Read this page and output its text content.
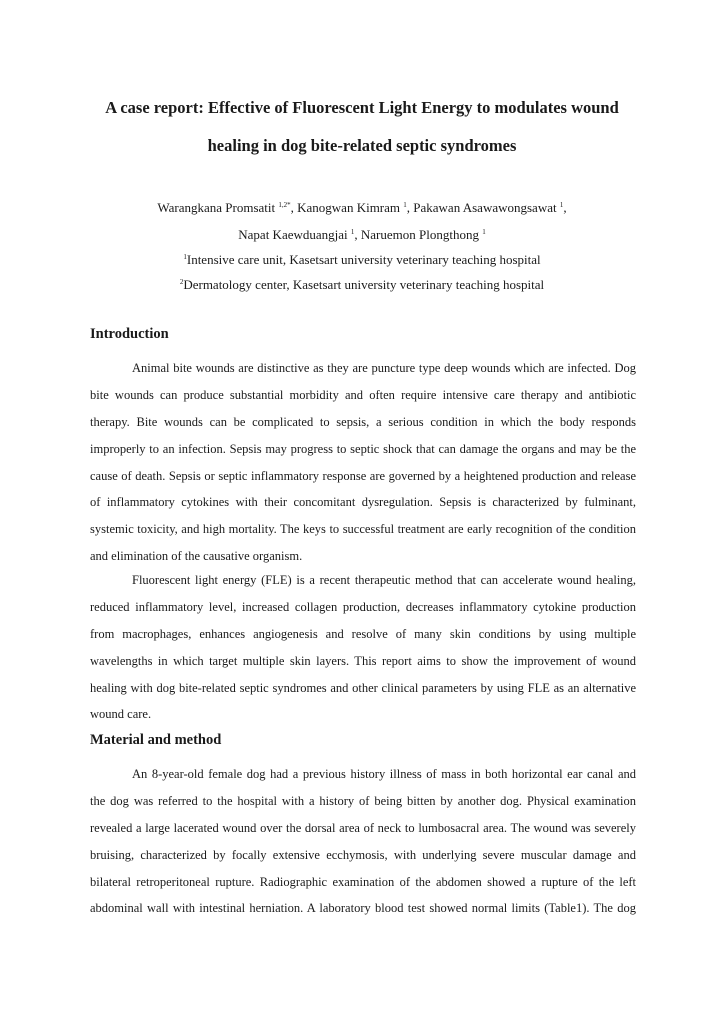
A case report: Effective of Fluorescent Light Energy to modulates wound
healing in dog bite-related septic syndromes
Warangkana Promsatit $^{1,2*}$, Kanogwan Kimram $^1$, Pakawan Asawawongsawat $^1$,
Napat Kaewduangjai $^1$, Naruemon Plongthong $^1$
$^1$Intensive care unit, Kasetsart university veterinary teaching hospital
$^2$Dermatology center, Kasetsart university veterinary teaching hospital
Introduction
Animal bite wounds are distinctive as they are puncture type deep wounds which are infected. Dog
bite wounds can produce substantial morbidity and often require intensive care therapy and antibiotic
therapy. Bite wounds can be complicated to sepsis, a serious condition in which the body responds
improperly to an infection. Sepsis may progress to septic shock that can damage the organs and may be the
cause of death. Sepsis or septic inflammatory response are governed by a heightened production and release
of inflammatory cytokines with their concomitant dysregulation. Sepsis is characterized by fulminant,
systemic toxicity, and high mortality. The keys to successful treatment are early recognition of the condition
and elimination of the causative organism.
Fluorescent light energy (FLE) is a recent therapeutic method that can accelerate wound healing,
reduced inflammatory level, increased collagen production, decreases inflammatory cytokine production
from macrophages, enhances angiogenesis and resolve of many skin conditions by using multiple
wavelengths in which target multiple skin layers. This report aims to show the improvement of wound
healing with dog bite-related septic syndromes and other clinical parameters by using FLE as an alternative
wound care.
Material and method
An 8-year-old female dog had a previous history illness of mass in both horizontal ear canal and
the dog was referred to the hospital with a history of being bitten by another dog. Physical examination
revealed a large lacerated wound over the dorsal area of neck to lumbosacral area. The wound was severely
bruising, characterized by focally extensive ecchymosis, with underlying severe muscular damage and
bilateral retroperitoneal rupture. Radiographic examination of the abdomen showed a rupture of the left
abdominal wall with intestinal herniation. A laboratory blood test showed normal limits (Table1). The dog
